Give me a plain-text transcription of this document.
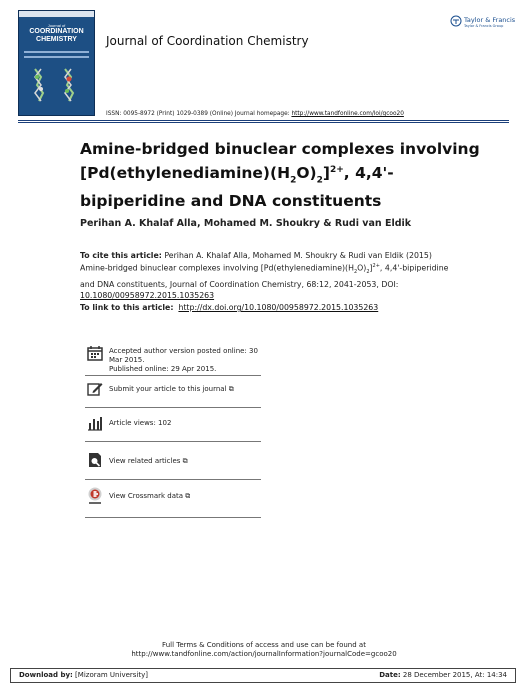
Journal of
COORDINATION
CHEMISTRY	Journal of Coordination Chemistry
Taylor & Francis
Taylor & Francis Group
ISSN: 0095-8972 (Print) 1029-0389 (Online) Journal homepage: http://www.tandfonline.com/loi/gcoo20
Amine-bridged binuclear complexes involving $[Pd(ethylenediamine)(H_2O)_2]^{2+}$, 4,4'-bipiperidine and DNA constituents
Perihan A. Khalaf Alla, Mohamed M. Shoukry & Rudi van Eldik
To cite this article: Perihan A. Khalaf Alla, Mohamed M. Shoukry & Rudi van Eldik (2015) Amine-bridged binuclear complexes involving $[Pd(ethylenediamine)(H_2O)_2]^{2+}$, 4,4'-bipiperidine and DNA constituents, Journal of Coordination Chemistry, 68:12, 2041-2053, DOI: 10.1080/00958972.2015.1035263
To link to this article: http://dx.doi.org/10.1080/00958972.2015.1035263
Accepted author version posted online: 30 Mar 2015.
Published online: 29 Apr 2015.
Submit your article to this journal ⧉
Article views: 102
View related articles ⧉
View Crossmark data ⧉
Full Terms & Conditions of access and use can be found at
http://www.tandfonline.com/action/journalInformation?journalCode=gcoo20
Download by: [Mizoram University]	Date: 28 December 2015, At: 14:34
